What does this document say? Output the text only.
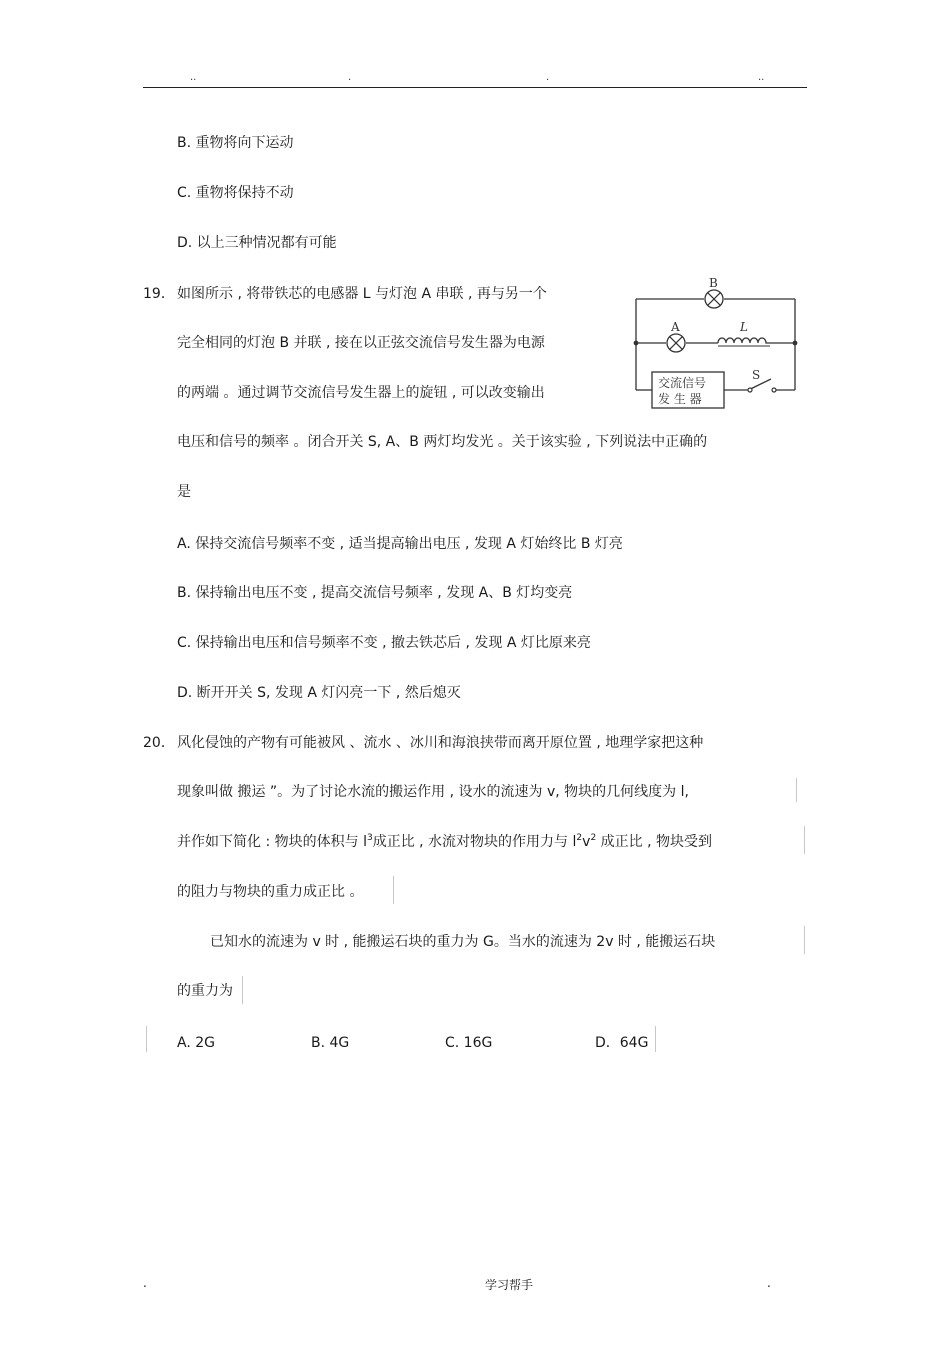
..	.	.	..
B. 重物将向下运动
C. 重物将保持不动
D. 以上三种情况都有可能
19． 如图所示 , 将带铁芯的电感器 L 与灯泡 A 串联 , 再与另一个
完全相同的灯泡 B 并联 , 接在以正弦交流信号发生器为电源
的两端 。通过调节交流信号发生器上的旋钮 , 可以改变输出
电压和信号的频率 。闭合开关 S, A、B 两灯均发光 。关于该实验 , 下列说法中正确的
是
B
A	L
交流信号
发 生 器
S
A. 保持交流信号频率不变 , 适当提高输出电压 , 发现 A 灯始终比 B 灯亮
B. 保持输出电压不变 , 提高交流信号频率 , 发现 A、B 灯均变亮
C. 保持输出电压和信号频率不变 , 撤去铁芯后 , 发现 A 灯比原来亮
D. 断开开关 S, 发现 A 灯闪亮一下 , 然后熄灭
20． 风化侵蚀的产物有可能被风 、流水 、冰川和海浪挟带而离开原位置 , 地理学家把这种
现象叫做 搬运 ”。为了讨论水流的搬运作用 , 设水的流速为 v, 物块的几何线度为 l,
并作如下简化 : 物块的体积与 $l^3$成正比 , 水流对物块的作用力与 $l^2v^2$ 成正比 , 物块受到
的阻力与物块的重力成正比 。
已知水的流速为 v 时 , 能搬运石块的重力为 G。当水的流速为 2v 时 , 能搬运石块
的重力为
A. 2G	B. 4G	C. 16G	D．64G
.	学习帮手	.
